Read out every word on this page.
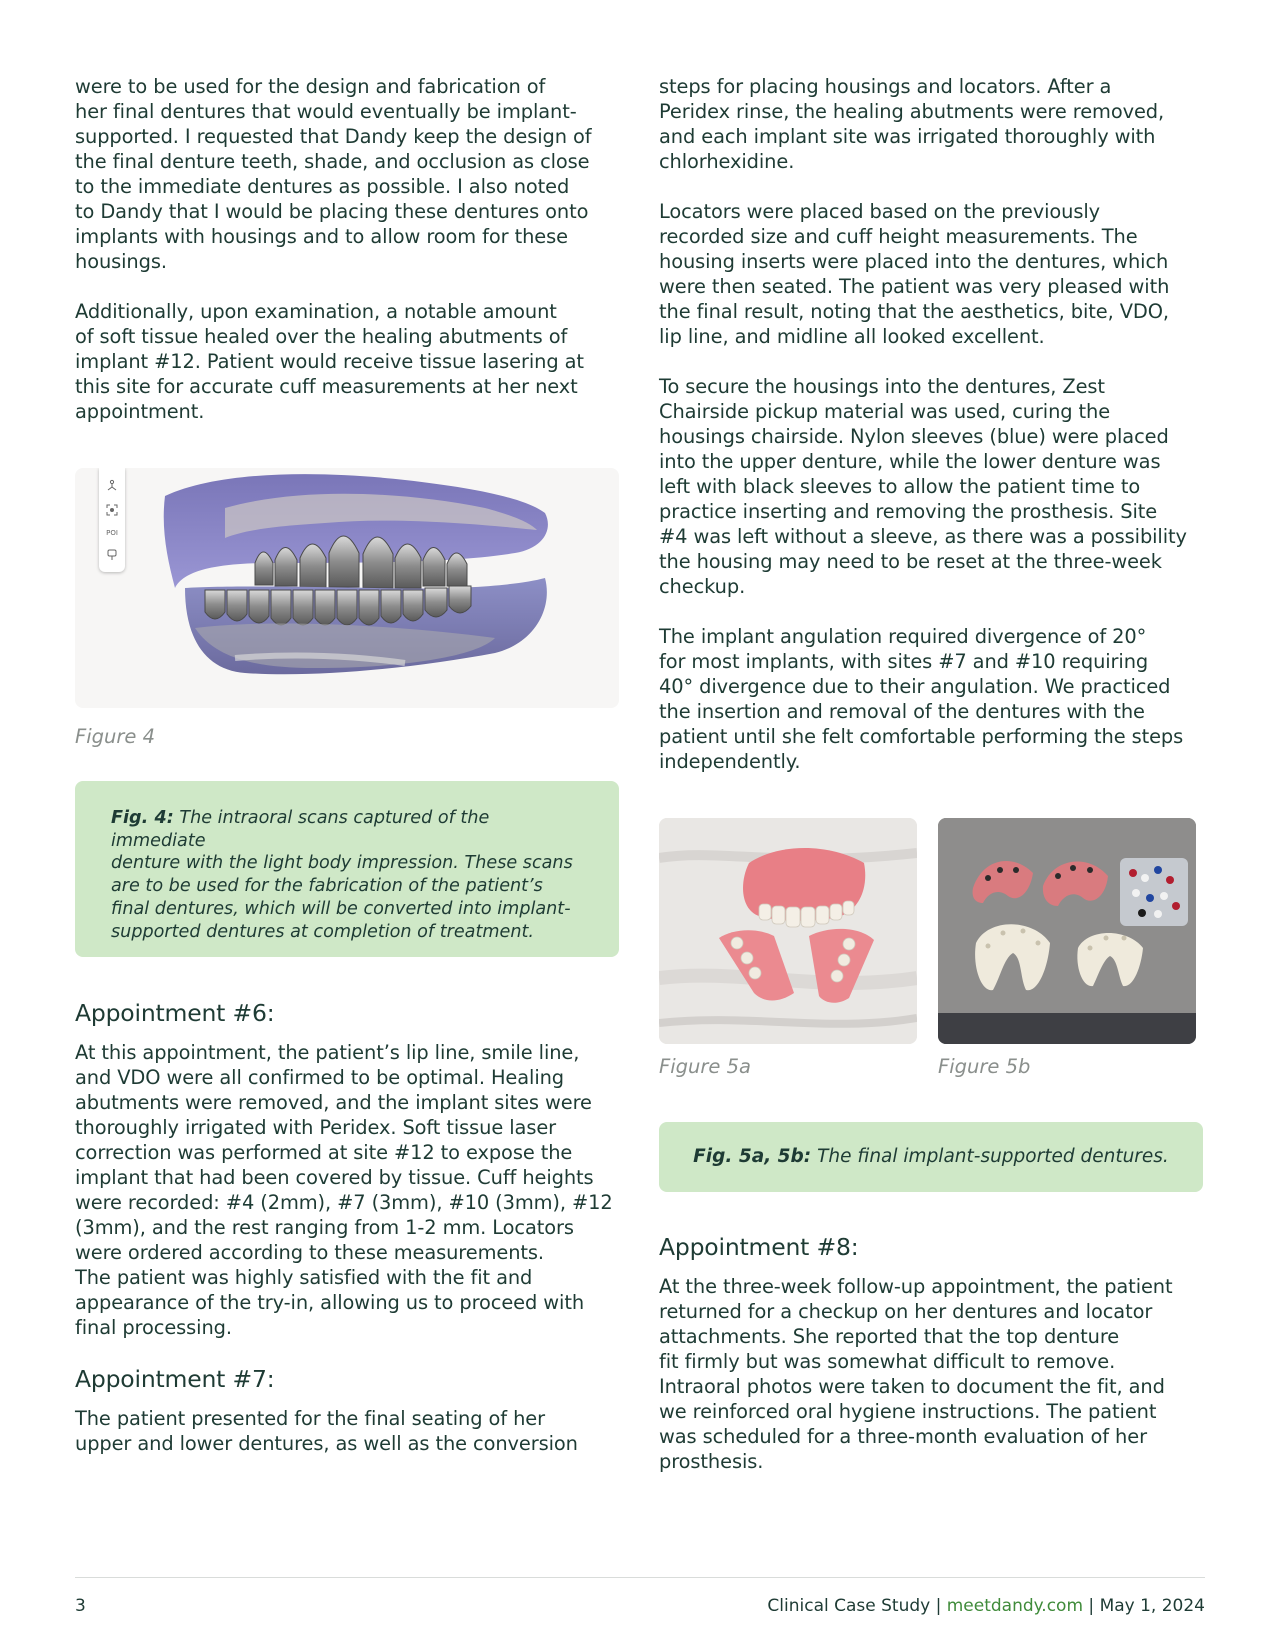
were to be used for the design and fabrication of
her final dentures that would eventually be implant-
supported. I requested that Dandy keep the design of
the final denture teeth, shade, and occlusion as close
to the immediate dentures as possible. I also noted
to Dandy that I would be placing these dentures onto
implants with housings and to allow room for these
housings.
Additionally, upon examination, a notable amount
of soft tissue healed over the healing abutments of
implant #12. Patient would receive tissue lasering at
this site for accurate cuff measurements at her next
appointment.
POI
Figure 4
Fig. 4: The intraoral scans captured of the immediate
denture with the light body impression. These scans
are to be used for the fabrication of the patient’s
final dentures, which will be converted into implant-
supported dentures at completion of treatment.
Appointment #6:
At this appointment, the patient’s lip line, smile line,
and VDO were all confirmed to be optimal. Healing
abutments were removed, and the implant sites were
thoroughly irrigated with Peridex. Soft tissue laser
correction was performed at site #12 to expose the
implant that had been covered by tissue. Cuff heights
were recorded: #4 (2mm), #7 (3mm), #10 (3mm), #12
(3mm), and the rest ranging from 1-2 mm. Locators
were ordered according to these measurements.
The patient was highly satisfied with the fit and
appearance of the try-in, allowing us to proceed with
final processing.
Appointment #7:
The patient presented for the final seating of her
upper and lower dentures, as well as the conversion
steps for placing housings and locators. After a
Peridex rinse, the healing abutments were removed,
and each implant site was irrigated thoroughly with
chlorhexidine.
Locators were placed based on the previously
recorded size and cuff height measurements. The
housing inserts were placed into the dentures, which
were then seated. The patient was very pleased with
the final result, noting that the aesthetics, bite, VDO,
lip line, and midline all looked excellent.
To secure the housings into the dentures, Zest
Chairside pickup material was used, curing the
housings chairside. Nylon sleeves (blue) were placed
into the upper denture, while the lower denture was
left with black sleeves to allow the patient time to
practice inserting and removing the prosthesis. Site
#4 was left without a sleeve, as there was a possibility
the housing may need to be reset at the three-week
checkup.
The implant angulation required divergence of 20°
for most implants, with sites #7 and #10 requiring
40° divergence due to their angulation. We practiced
the insertion and removal of the dentures with the
patient until she felt comfortable performing the steps
independently.
Figure 5a	Figure 5b
Fig. 5a, 5b: The final implant-supported dentures.
Appointment #8:
At the three-week follow-up appointment, the patient
returned for a checkup on her dentures and locator
attachments. She reported that the top denture
fit firmly but was somewhat difficult to remove.
Intraoral photos were taken to document the fit, and
we reinforced oral hygiene instructions. The patient
was scheduled for a three-month evaluation of her
prosthesis.
3	Clinical Case Study | meetdandy.com | May 1, 2024
